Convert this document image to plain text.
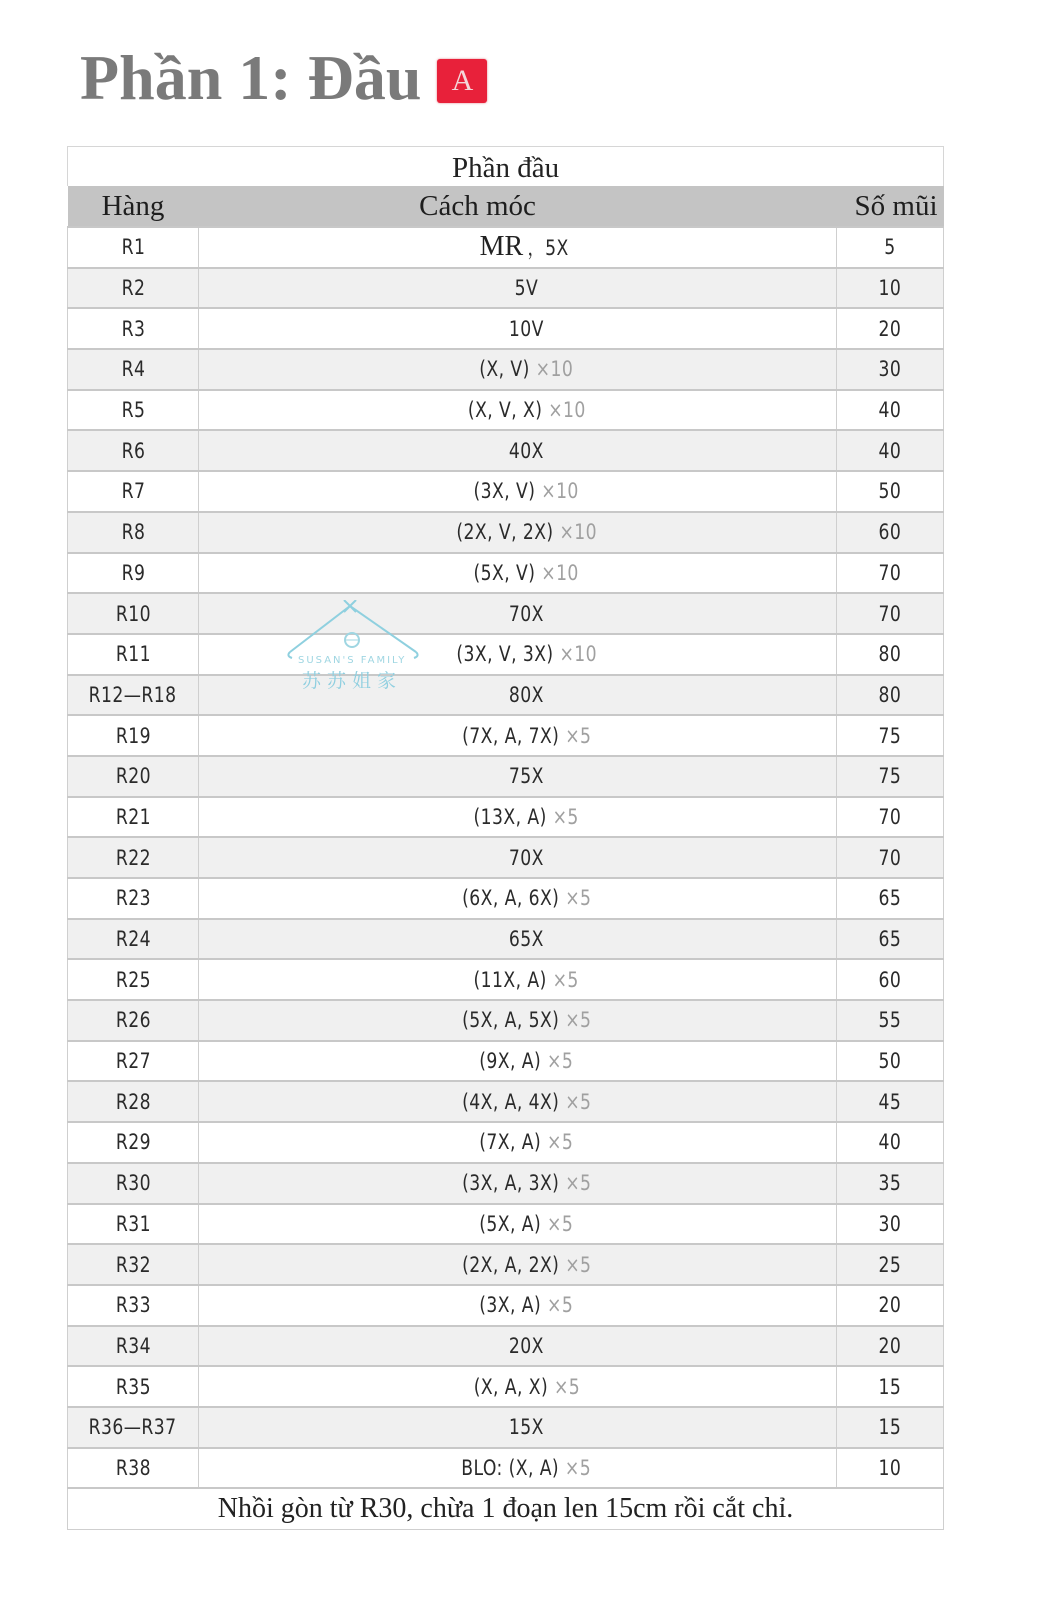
Phần 1: Đầu	A
Phần đầu		
Hàng	Cách móc	Số mũi
R1	MR ，5X	5
R2	5V	10
R3	10V	20
R4	(X, V) ×10	30
R5	(X, V, X) ×10	40
R6	40X	40
R7	(3X, V) ×10	50
R8	(2X, V, 2X) ×10	60
R9	(5X, V) ×10	70
R10	70X	70
R11	(3X, V, 3X) ×10	80
R12—R18	80X	80
R19	(7X, A, 7X) ×5	75
R20	75X	75
R21	(13X, A) ×5	70
R22	70X	70
R23	(6X, A, 6X) ×5	65
R24	65X	65
R25	(11X, A) ×5	60
R26	(5X, A, 5X) ×5	55
R27	(9X, A) ×5	50
R28	(4X, A, 4X) ×5	45
R29	(7X, A) ×5	40
R30	(3X, A, 3X) ×5	35
R31	(5X, A) ×5	30
R32	(2X, A, 2X) ×5	25
R33	(3X, A) ×5	20
R34	20X	20
R35	(X, A, X) ×5	15
R36—R37	15X	15
R38	BLO: (X, A) ×5	10
Nhồi gòn từ R30, chừa 1 đoạn len 15cm rồi cắt chỉ.		
SUSAN'S FAMILY
苏苏姐家
